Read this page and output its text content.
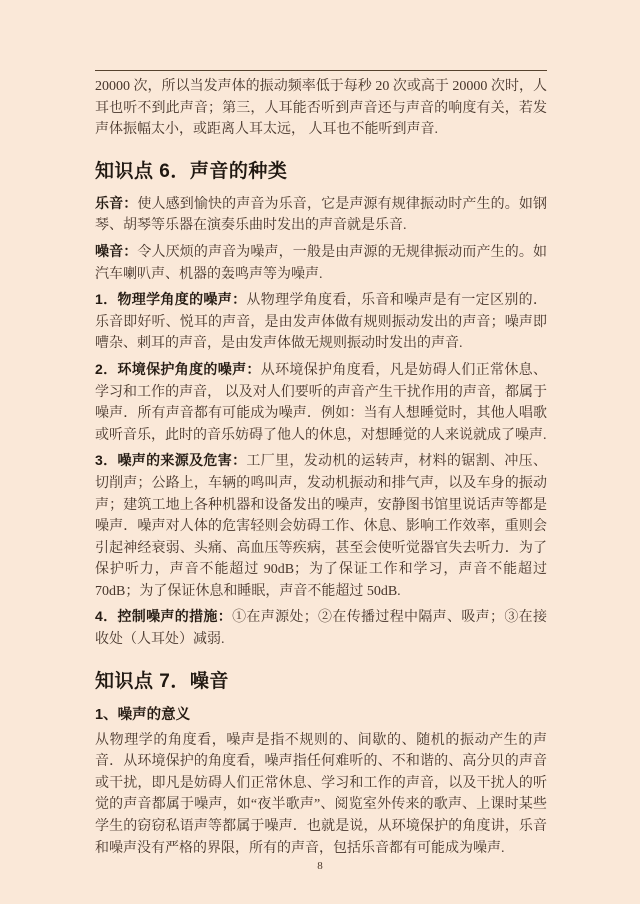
20000 次，所以当发声体的振动频率低于每秒 20 次或高于 20000 次时，人耳也听不到此声音；第三，人耳能否听到声音还与声音的响度有关，若发声体振幅太小，或距离人耳太远， 人耳也不能听到声音.

知识点 6．声音的种类

乐音：使人感到愉快的声音为乐音，它是声源有规律振动时产生的。如钢琴、胡琴等乐器在演奏乐曲时发出的声音就是乐音.

噪音：令人厌烦的声音为噪声，一般是由声源的无规律振动而产生的。如汽车喇叭声、机器的轰鸣声等为噪声.

1．物理学角度的噪声：从物理学角度看，乐音和噪声是有一定区别的．乐音即好听、悦耳的声音，是由发声体做有规则振动发出的声音；噪声即嘈杂、刺耳的声音，是由发声体做无规则振动时发出的声音.

2．环境保护角度的噪声：从环境保护角度看，凡是妨碍人们正常休息、学习和工作的声音， 以及对人们要听的声音产生干扰作用的声音，都属于噪声．所有声音都有可能成为噪声．例如：当有人想睡觉时，其他人唱歌或听音乐，此时的音乐妨碍了他人的休息，对想睡觉的人来说就成了噪声.

3．噪声的来源及危害：工厂里，发动机的运转声，材料的锯割、冲压、切削声；公路上，车辆的鸣叫声，发动机振动和排气声，以及车身的振动声；建筑工地上各种机器和设备发出的噪声，安静图书馆里说话声等都是噪声．噪声对人体的危害轻则会妨碍工作、休息、影响工作效率，重则会引起神经衰弱、头痛、高血压等疾病，甚至会使听觉器官失去听力．为了保护听力，声音不能超过 90dB；为了保证工作和学习，声音不能超过 70dB；为了保证休息和睡眠，声音不能超过 50dB.

4．控制噪声的措施：①在声源处；②在传播过程中隔声、吸声；③在接收处（人耳处）减弱.

知识点 7．噪音
1、噪声的意义

从物理学的角度看，噪声是指不规则的、间歇的、随机的振动产生的声音．从环境保护的角度看，噪声指任何难听的、不和谐的、高分贝的声音或干扰，即凡是妨碍人们正常休息、学习和工作的声音，以及干扰人的听觉的声音都属于噪声，如“夜半歌声”、阅览室外传来的歌声、上课时某些学生的窃窃私语声等都属于噪声．也就是说，从环境保护的角度讲，乐音和噪声没有严格的界限，所有的声音，包括乐音都有可能成为噪声.

8
